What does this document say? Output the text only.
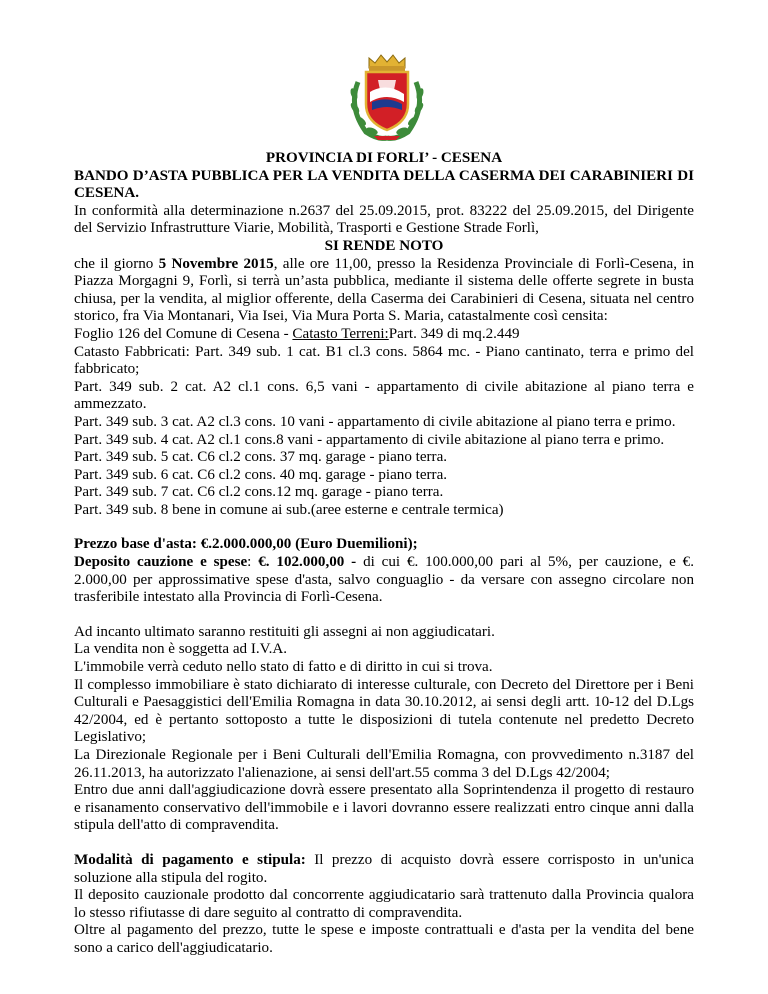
PROVINCIA DI FORLI’ - CESENA

BANDO D’ASTA PUBBLICA PER LA VENDITA DELLA CASERMA DEI CARABINIERI DI CESENA.

In conformità alla determinazione n.2637 del 25.09.2015, prot. 83222 del 25.09.2015, del Dirigente del Servizio Infrastrutture Viarie, Mobilità, Trasporti e Gestione Strade Forlì,

SI RENDE NOTO

che il giorno 5 Novembre 2015, alle ore 11,00, presso la Residenza Provinciale di Forlì-Cesena, in Piazza Morgagni 9, Forlì, si terrà un’asta pubblica, mediante il sistema delle offerte segrete in busta chiusa, per la vendita, al miglior offerente, della Caserma dei Carabinieri di Cesena, situata nel centro storico, fra Via Montanari, Via Isei, Via Mura Porta S. Maria, catastalmente così censita:

Foglio 126 del Comune di Cesena - Catasto Terreni:Part. 349 di mq.2.449

Catasto Fabbricati: Part. 349 sub. 1 cat. B1 cl.3 cons. 5864 mc. - Piano cantinato, terra e primo del fabbricato;

Part. 349 sub. 2 cat. A2 cl.1 cons. 6,5 vani - appartamento di civile abitazione al piano terra e ammezzato.

Part. 349 sub. 3 cat. A2 cl.3 cons. 10 vani - appartamento di civile abitazione al piano terra e primo.

Part. 349 sub. 4 cat. A2 cl.1 cons.8 vani - appartamento di civile abitazione al piano terra e primo.

Part. 349 sub. 5 cat. C6 cl.2 cons. 37 mq. garage - piano terra.

Part. 349 sub. 6 cat. C6 cl.2 cons. 40 mq. garage - piano terra.

Part. 349 sub. 7 cat. C6 cl.2 cons.12 mq. garage - piano terra.

Part. 349 sub. 8 bene in comune ai sub.(aree esterne e centrale termica)

Prezzo base d'asta: €.2.000.000,00 (Euro Duemilioni);

Deposito cauzione e spese: €. 102.000,00 - di cui €. 100.000,00 pari al 5%, per cauzione, e €. 2.000,00 per approssimative spese d'asta, salvo conguaglio - da versare con assegno circolare non trasferibile intestato alla Provincia di Forlì-Cesena.

Ad incanto ultimato saranno restituiti gli assegni ai non aggiudicatari.

La vendita non è soggetta ad I.V.A.

L'immobile verrà ceduto nello stato di fatto e di diritto in cui si trova.

Il complesso immobiliare è stato dichiarato di interesse culturale, con Decreto del Direttore per i Beni Culturali e Paesaggistici dell'Emilia Romagna in data 30.10.2012, ai sensi degli artt. 10-12 del D.Lgs 42/2004, ed è pertanto sottoposto a tutte le disposizioni di tutela contenute nel predetto Decreto Legislativo;

La Direzionale Regionale per i Beni Culturali dell'Emilia Romagna, con provvedimento n.3187 del 26.11.2013, ha autorizzato l'alienazione, ai sensi dell'art.55 comma 3 del D.Lgs 42/2004;

Entro due anni dall'aggiudicazione dovrà essere presentato alla Soprintendenza il progetto di restauro e risanamento conservativo dell'immobile e i lavori dovranno essere realizzati entro cinque anni dalla stipula dell'atto di compravendita.

Modalità di pagamento e stipula: Il prezzo di acquisto dovrà essere corrisposto in un'unica soluzione alla stipula del rogito.

Il deposito cauzionale prodotto dal concorrente aggiudicatario sarà trattenuto dalla Provincia qualora lo stesso rifiutasse di dare seguito al contratto di compravendita.

Oltre al pagamento del prezzo, tutte le spese e imposte contrattuali e d'asta per la vendita del bene sono a carico dell'aggiudicatario.
